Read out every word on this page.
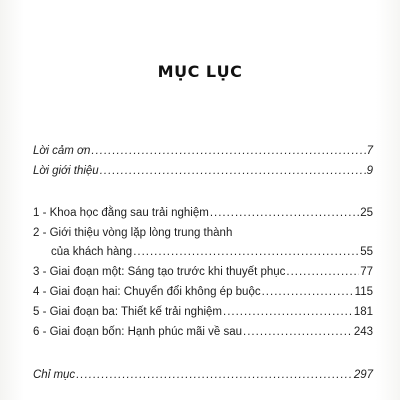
MỤC LỤC
Lời cảm ơn .....	7
Lời giới thiệu .....	9
1 - Khoa học đằng sau trải nghiệm .....	25
2 - Giới thiệu vòng lặp lòng trung thành
của khách hàng .....	55
3 - Giai đoạn một: Sáng tạo trước khi thuyết phục .....	77
4 - Giai đoạn hai: Chuyển đổi không ép buộc .....	115
5 - Giai đoạn ba: Thiết kế trải nghiệm .....	181
6 - Giai đoạn bốn: Hạnh phúc mãi về sau .....	243
Chỉ mục .....	297
